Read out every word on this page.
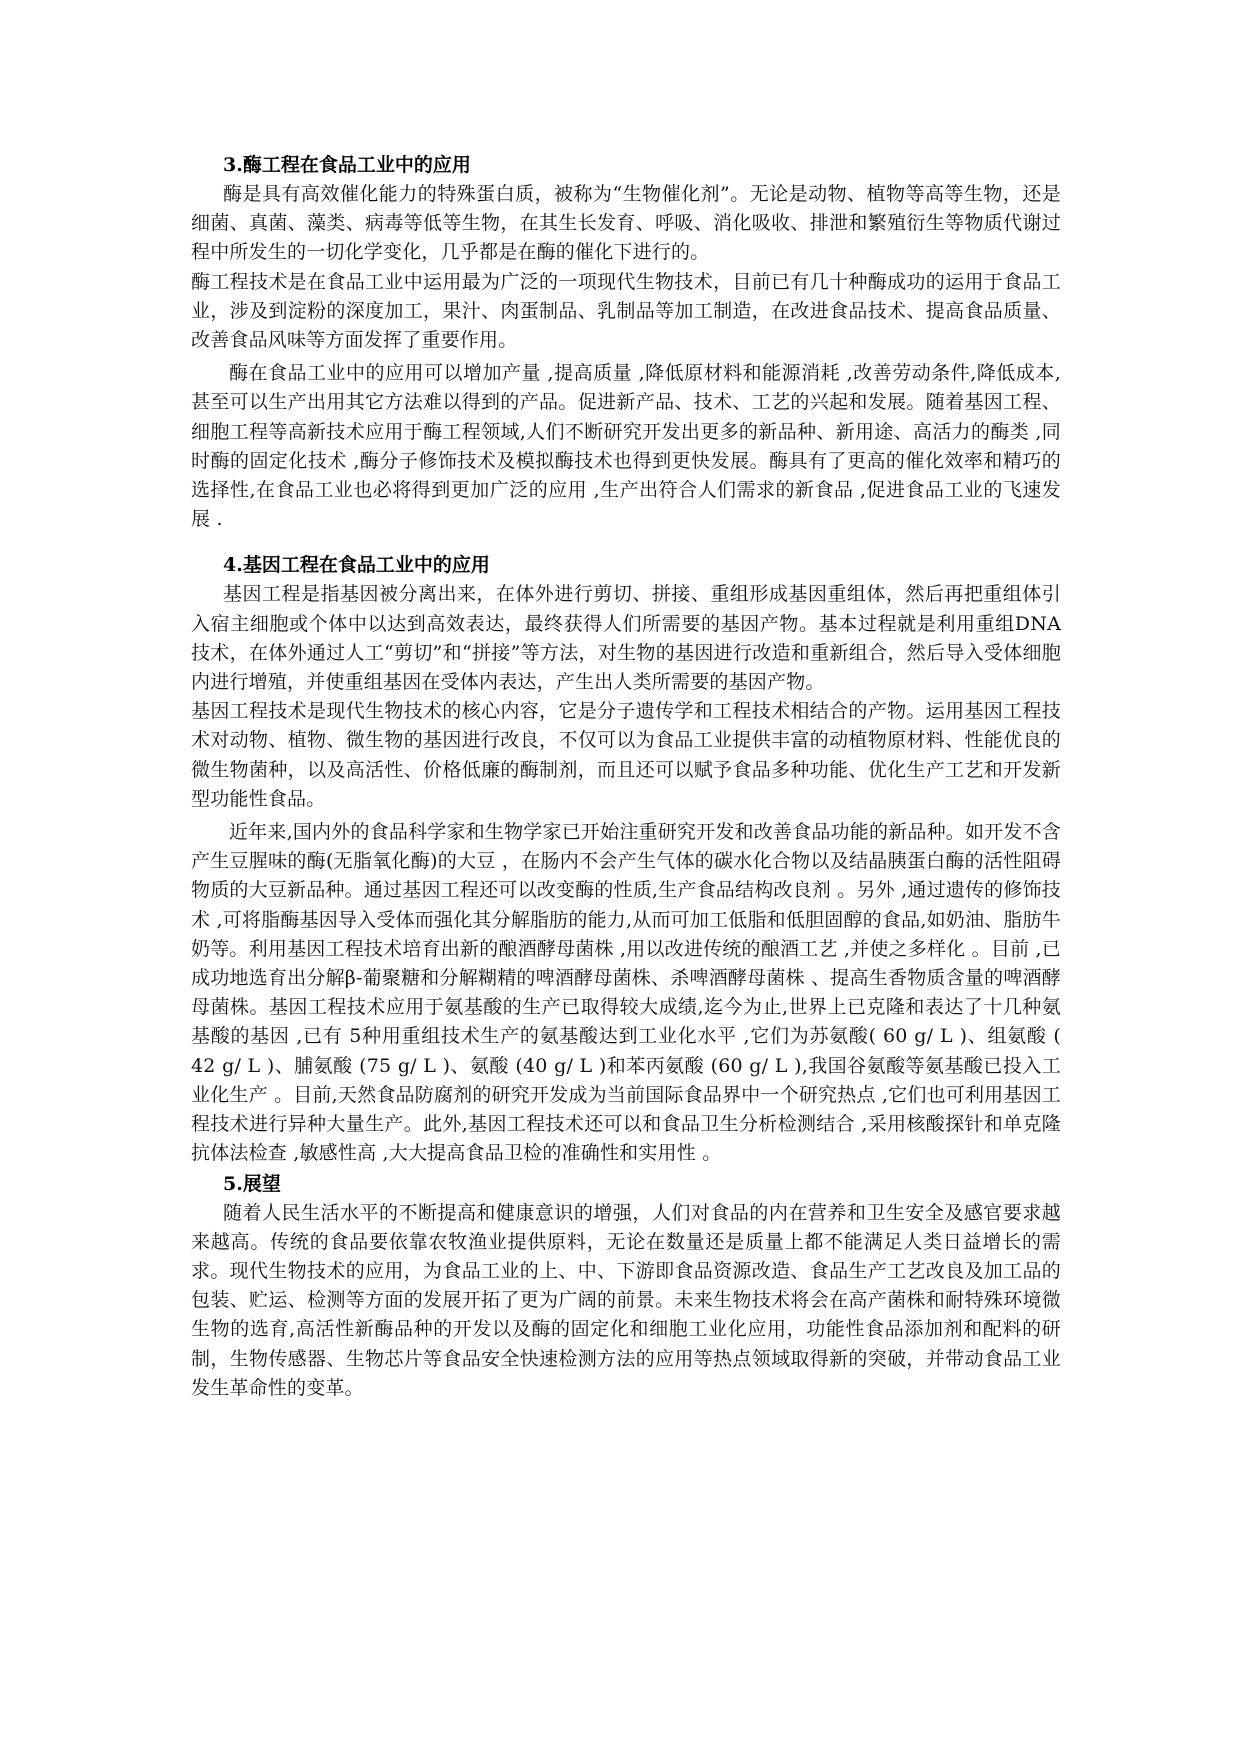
3.酶工程在食品工业中的应用

酶是具有高效催化能力的特殊蛋白质，被称为“生物催化剂”。无论是动物、植物等高等生物，还是细菌、真菌、藻类、病毒等低等生物，在其生长发育、呼吸、消化吸收、排泄和繁殖衍生等物质代谢过程中所发生的一切化学变化，几乎都是在酶的催化下进行的。

酶工程技术是在食品工业中运用最为广泛的一项现代生物技术，目前已有几十种酶成功的运用于食品工业，涉及到淀粉的深度加工，果汁、肉蛋制品、乳制品等加工制造，在改进食品技术、提高食品质量、改善食品风味等方面发挥了重要作用。

酶在食品工业中的应用可以增加产量 ,提高质量 ,降低原材料和能源消耗 ,改善劳动条件,降低成本,甚至可以生产出用其它方法难以得到的产品。促进新产品、技术、工艺的兴起和发展。随着基因工程、细胞工程等高新技术应用于酶工程领域,人们不断研究开发出更多的新品种、新用途、高活力的酶类 ,同时酶的固定化技术 ,酶分子修饰技术及模拟酶技术也得到更快发展。酶具有了更高的催化效率和精巧的选择性,在食品工业也必将得到更加广泛的应用 ,生产出符合人们需求的新食品 ,促进食品工业的飞速发展 .

4.基因工程在食品工业中的应用

基因工程是指基因被分离出来，在体外进行剪切、拼接、重组形成基因重组体，然后再把重组体引入宿主细胞或个体中以达到高效表达，最终获得人们所需要的基因产物。基本过程就是利用重组DNA技术，在体外通过人工“剪切”和“拼接”等方法，对生物的基因进行改造和重新组合，然后导入受体细胞内进行增殖，并使重组基因在受体内表达，产生出人类所需要的基因产物。

基因工程技术是现代生物技术的核心内容，它是分子遗传学和工程技术相结合的产物。运用基因工程技术对动物、植物、微生物的基因进行改良，不仅可以为食品工业提供丰富的动植物原材料、性能优良的微生物菌种，以及高活性、价格低廉的酶制剂，而且还可以赋予食品多种功能、优化生产工艺和开发新型功能性食品。

近年来,国内外的食品科学家和生物学家已开始注重研究开发和改善食品功能的新品种。如开发不含产生豆腥味的酶(无脂氧化酶)的大豆 ，在肠内不会产生气体的碳水化合物以及结晶胰蛋白酶的活性阻碍物质的大豆新品种。通过基因工程还可以改变酶的性质,生产食品结构改良剂 。另外 ,通过遗传的修饰技术 ,可将脂酶基因导入受体而强化其分解脂肪的能力,从而可加工低脂和低胆固醇的食品,如奶油、脂肪牛奶等。利用基因工程技术培育出新的酿酒酵母菌株 ,用以改进传统的酿酒工艺 ,并使之多样化 。目前 ,已成功地选育出分解β-葡聚糖和分解糊精的啤酒酵母菌株、杀啤酒酵母菌株 、提高生香物质含量的啤酒酵母菌株。基因工程技术应用于氨基酸的生产已取得较大成绩,迄今为止,世界上已克隆和表达了十几种氨基酸的基因 ,已有 5种用重组技术生产的氨基酸达到工业化水平 ,它们为苏氨酸( 60 g/ L )、组氨酸 ( 42 g/ L )、脯氨酸 (75 g/ L )、氨酸 (40 g/ L )和苯丙氨酸 (60 g/ L ),我国谷氨酸等氨基酸已投入工业化生产 。目前,天然食品防腐剂的研究开发成为当前国际食品界中一个研究热点 ,它们也可利用基因工程技术进行异种大量生产。此外,基因工程技术还可以和食品卫生分析检测结合 ,采用核酸探针和单克隆抗体法检查 ,敏感性高 ,大大提高食品卫检的准确性和实用性 。

5.展望

随着人民生活水平的不断提高和健康意识的增强，人们对食品的内在营养和卫生安全及感官要求越来越高。传统的食品要依靠农牧渔业提供原料，无论在数量还是质量上都不能满足人类日益增长的需求。现代生物技术的应用，为食品工业的上、中、下游即食品资源改造、食品生产工艺改良及加工品的包装、贮运、检测等方面的发展开拓了更为广阔的前景。未来生物技术将会在高产菌株和耐特殊环境微生物的选育,高活性新酶品种的开发以及酶的固定化和细胞工业化应用，功能性食品添加剂和配料的研制，生物传感器、生物芯片等食品安全快速检测方法的应用等热点领域取得新的突破，并带动食品工业发生革命性的变革。
